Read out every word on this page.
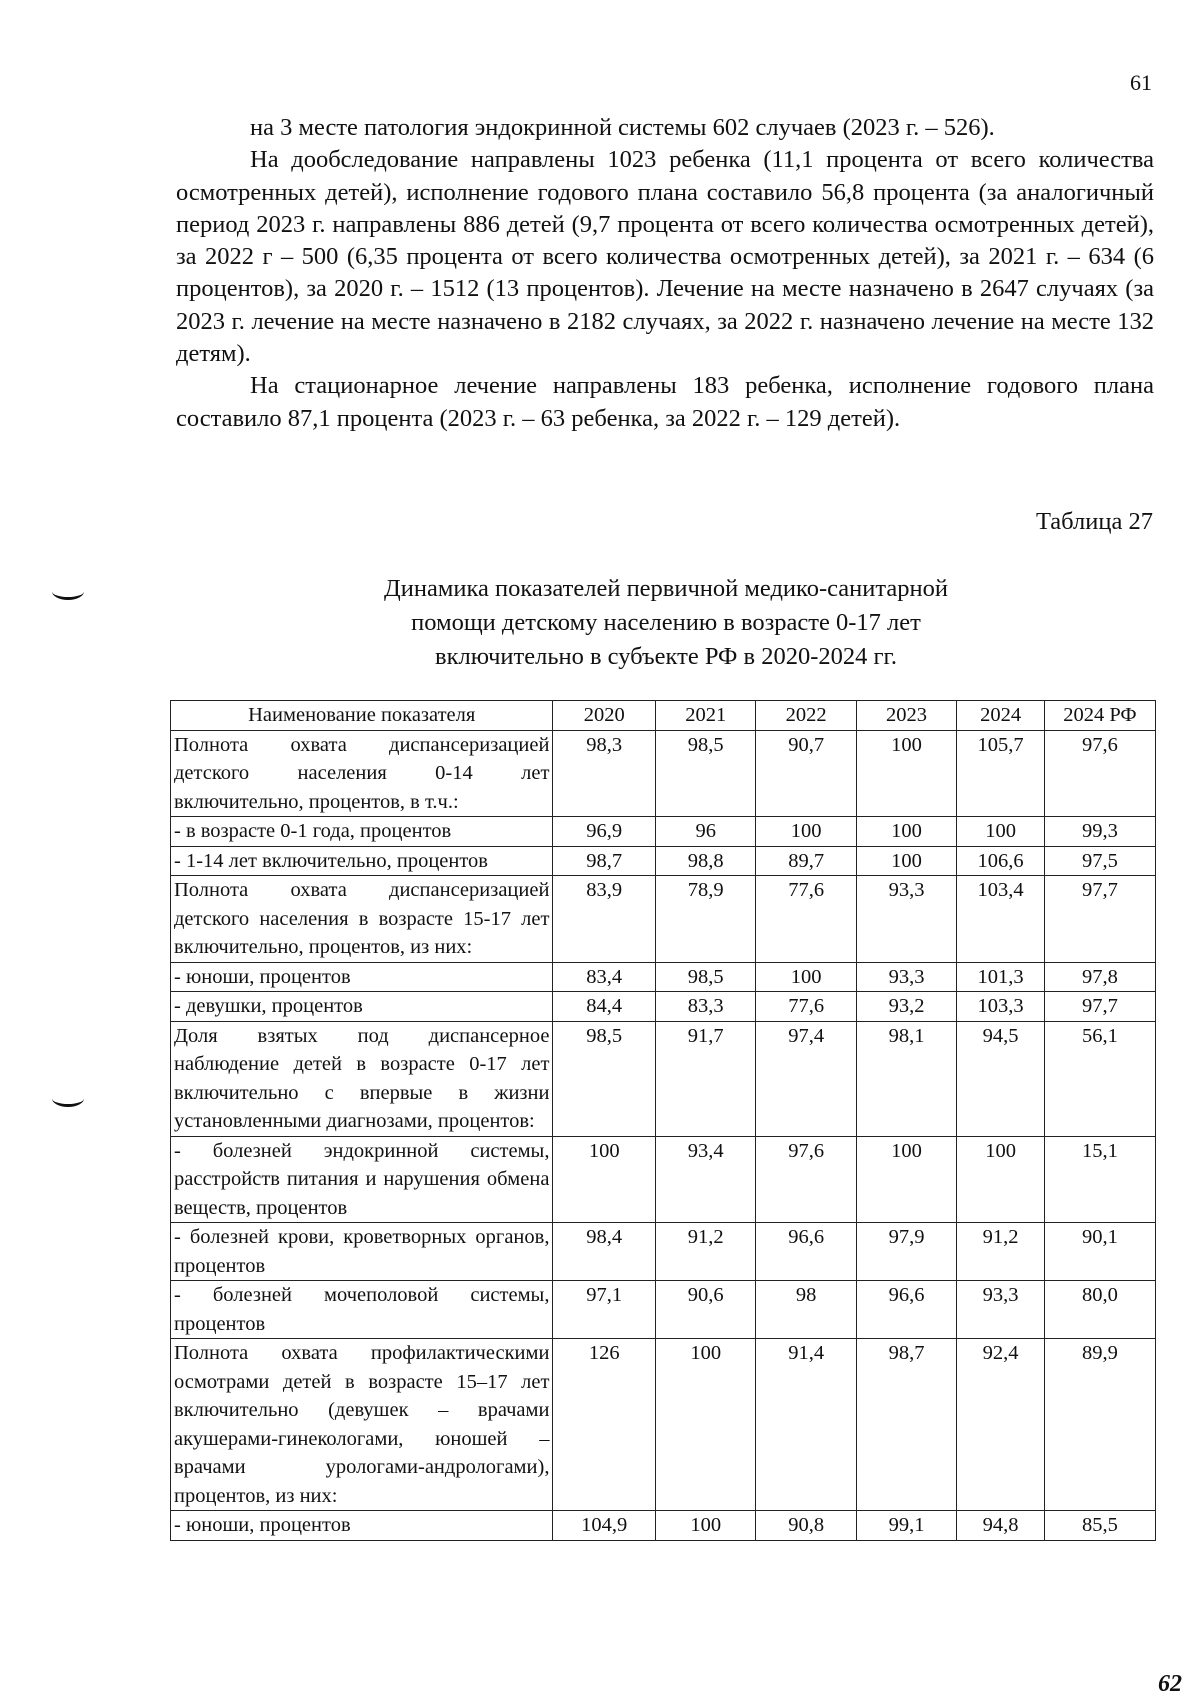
61

на 3 месте патология эндокринной системы 602 случаев (2023 г. – 526).

На дообследование направлены 1023 ребенка (11,1 процента от всего количества осмотренных детей), исполнение годового плана составило 56,8 процента (за аналогичный период 2023 г. направлены 886 детей (9,7 процента от всего количества осмотренных детей), за 2022 г – 500 (6,35 процента от всего количества осмотренных детей), за 2021 г. – 634 (6 процентов), за 2020 г. – 1512 (13 процентов). Лечение на месте назначено в 2647 случаях (за 2023 г. лечение на месте назначено в 2182 случаях, за 2022 г. назначено лечение на месте 132 детям).

На стационарное лечение направлены 183 ребенка, исполнение годового плана составило 87,1 процента (2023 г. – 63 ребенка, за 2022 г. – 129 детей).

Таблица 27
Динамика показателей первичной медико-санитарной
помощи детскому населению в возрасте 0-17 лет
включительно в субъекте РФ в 2020-2024 гг.
Наименование показателя	2020	2021	2022	2023	2024	2024 РФ
Полнота охвата диспансеризацией детского населения 0-14 лет включительно, процентов, в т.ч.:	98,3	98,5	90,7	100	105,7	97,6
- в возрасте 0-1 года, процентов	96,9	96	100	100	100	99,3
- 1-14 лет включительно, процентов	98,7	98,8	89,7	100	106,6	97,5
Полнота охвата диспансеризацией детского населения в возрасте 15-17 лет включительно, процентов, из них:	83,9	78,9	77,6	93,3	103,4	97,7
- юноши, процентов	83,4	98,5	100	93,3	101,3	97,8
- девушки, процентов	84,4	83,3	77,6	93,2	103,3	97,7
Доля взятых под диспансерное наблюдение детей в возрасте 0-17 лет включительно с впервые в жизни установленными диагнозами, процентов:	98,5	91,7	97,4	98,1	94,5	56,1
- болезней эндокринной системы, расстройств питания и нарушения обмена веществ, процентов	100	93,4	97,6	100	100	15,1
- болезней крови, кроветворных органов, процентов	98,4	91,2	96,6	97,9	91,2	90,1
- болезней мочеполовой системы, процентов	97,1	90,6	98	96,6	93,3	80,0
Полнота охвата профилактическими осмотрами детей в возрасте 15–17 лет включительно (девушек – врачами акушерами-гинекологами, юношей – врачами урологами-андрологами), процентов, из них:	126	100	91,4	98,7	92,4	89,9
- юноши, процентов	104,9	100	90,8	99,1	94,8	85,5
62
